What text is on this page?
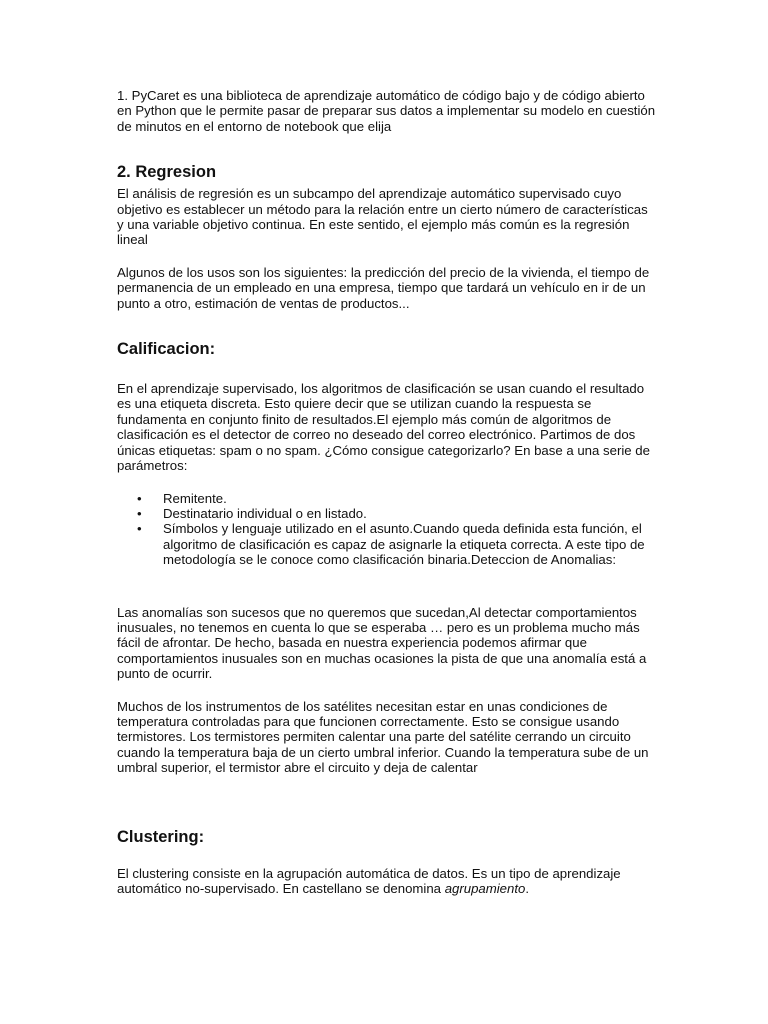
1. PyCaret es una biblioteca de aprendizaje automático de código bajo y de código abierto en Python que le permite pasar de preparar sus datos a implementar su modelo en cuestión de minutos en el entorno de notebook que elija

2. Regresion

El análisis de regresión es un subcampo del aprendizaje automático supervisado cuyo objetivo es establecer un método para la relación entre un cierto número de características y una variable objetivo continua. En este sentido, el ejemplo más común es la regresión lineal

Algunos de los usos son los siguientes: la predicción del precio de la vivienda, el tiempo de permanencia de un empleado en una empresa, tiempo que tardará un vehículo en ir de un punto a otro, estimación de ventas de productos...

Calificacion:

En el aprendizaje supervisado, los algoritmos de clasificación se usan cuando el resultado es una etiqueta discreta. Esto quiere decir que se utilizan cuando la respuesta se fundamenta en conjunto finito de resultados.El ejemplo más común de algoritmos de clasificación es el detector de correo no deseado del correo electrónico. Partimos de dos únicas etiquetas: spam o no spam. ¿Cómo consigue categorizarlo? En base a una serie de parámetros:

• Remitente.
• Destinatario individual o en listado.
• Símbolos y lenguaje utilizado en el asunto.Cuando queda definida esta función, el algoritmo de clasificación es capaz de asignarle la etiqueta correcta. A este tipo de metodología se le conoce como clasificación binaria.Deteccion de Anomalias:

Las anomalías son sucesos que no queremos que sucedan,Al detectar comportamientos inusuales, no tenemos en cuenta lo que se esperaba … pero es un problema mucho más fácil de afrontar. De hecho, basada en nuestra experiencia podemos afirmar que comportamientos inusuales son en muchas ocasiones la pista de que una anomalía está a punto de ocurrir.

Muchos de los instrumentos de los satélites necesitan estar en unas condiciones de temperatura controladas para que funcionen correctamente. Esto se consigue usando termistores. Los termistores permiten calentar una parte del satélite cerrando un circuito cuando la temperatura baja de un cierto umbral inferior. Cuando la temperatura sube de un umbral superior, el termistor abre el circuito y deja de calentar

Clustering:

El clustering consiste en la agrupación automática de datos. Es un tipo de aprendizaje automático no-supervisado. En castellano se denomina agrupamiento.
